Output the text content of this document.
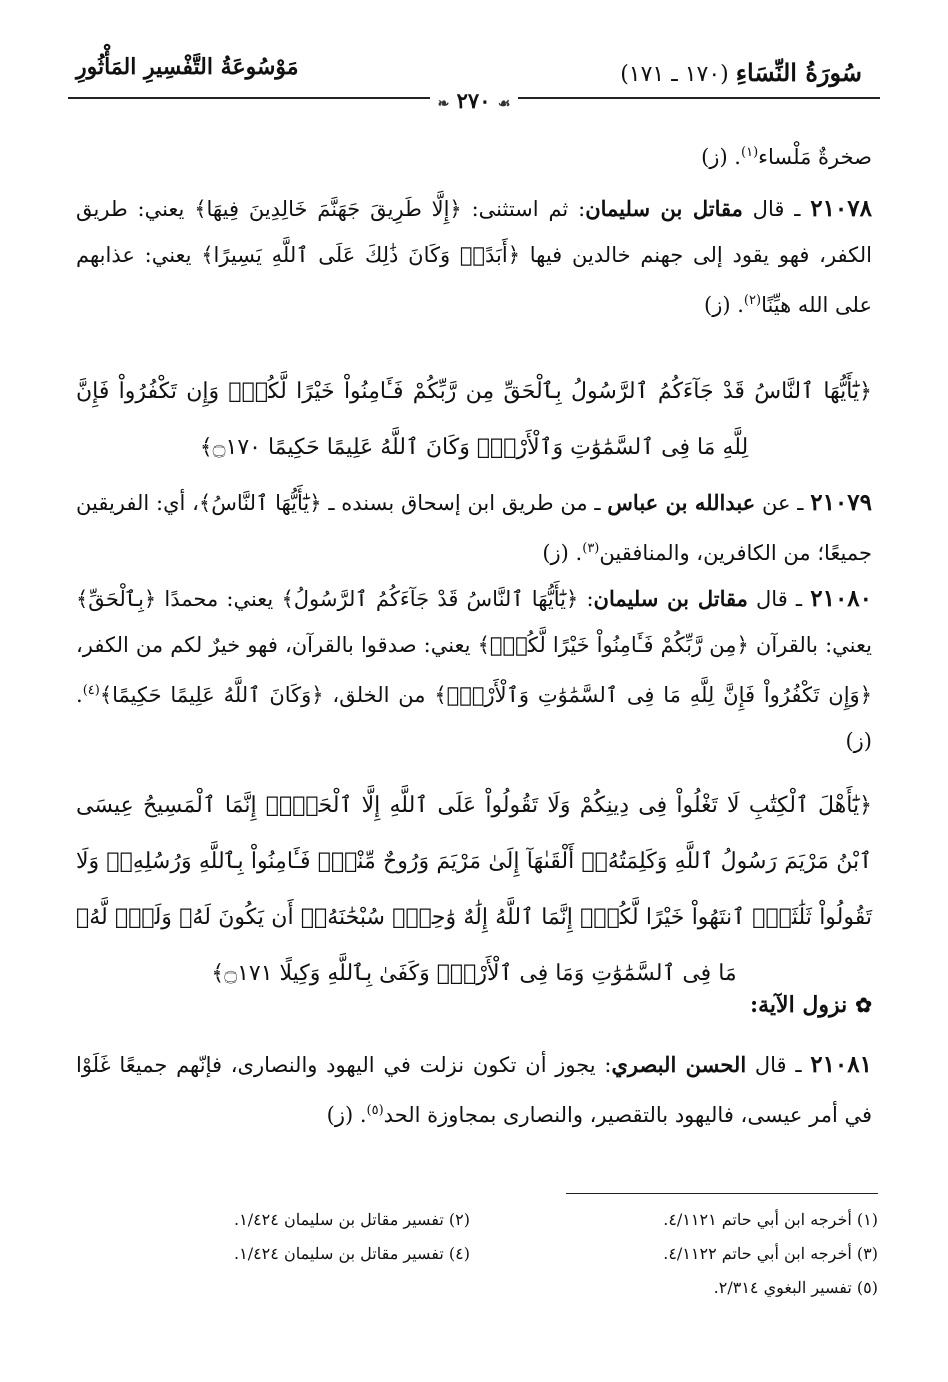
سُورَةُ النِّسَاءِ (١٧٠ ـ ١٧١)
مَوْسُوعَةُ التَّفْسِيرِ المَأْثُورِ
❧ ٢٧٠ ☙
صخرةٌ مَلْساء$^{(١)}$. (ز)
٢١٠٧٨ ـ قال مقاتل بن سليمان: ثم استثنى: ﴿إِلَّا طَرِيقَ جَهَنَّمَ خَالِدِينَ فِيهَا﴾ يعني: طريق الكفر، فهو يقود إلى جهنم خالدين فيها ﴿أَبَدًاۚ وَكَانَ ذَٰلِكَ عَلَى ٱللَّهِ يَسِيرًا﴾ يعني: عذابهم على الله هيِّنًا$^{(٢)}$. (ز)
﴿يَٰٓأَيُّهَا ٱلنَّاسُ قَدْ جَآءَكُمُ ٱلرَّسُولُ بِٱلْحَقِّ مِن رَّبِّكُمْ فَـَٔامِنُواْ خَيْرًا لَّكُمْۚ وَإِن تَكْفُرُواْ فَإِنَّ لِلَّهِ مَا فِى ٱلسَّمَٰوَٰتِ وَٱلْأَرْضِۚ وَكَانَ ٱللَّهُ عَلِيمًا حَكِيمًا ۝١٧٠﴾
٢١٠٧٩ ـ عن عبدالله بن عباس ـ من طريق ابن إسحاق بسنده ـ ﴿يَٰٓأَيُّهَا ٱلنَّاسُ﴾، أي: الفريقين جميعًا؛ من الكافرين، والمنافقين$^{(٣)}$. (ز)
٢١٠٨٠ ـ قال مقاتل بن سليمان: ﴿يَٰٓأَيُّهَا ٱلنَّاسُ قَدْ جَآءَكُمُ ٱلرَّسُولُ﴾ يعني: محمدًا ﴿بِٱلْحَقِّ﴾ يعني: بالقرآن ﴿مِن رَّبِّكُمْ فَـَٔامِنُواْ خَيْرًا لَّكُمْۚ﴾ يعني: صدقوا بالقرآن، فهو خيرٌ لكم من الكفر، ﴿وَإِن تَكْفُرُواْ فَإِنَّ لِلَّهِ مَا فِى ٱلسَّمَٰوَٰتِ وَٱلْأَرْضِۚ﴾ من الخلق، ﴿وَكَانَ ٱللَّهُ عَلِيمًا حَكِيمًا﴾$^{(٤)}$. (ز)
﴿يَٰٓأَهْلَ ٱلْكِتَٰبِ لَا تَغْلُواْ فِى دِينِكُمْ وَلَا تَقُولُواْ عَلَى ٱللَّهِ إِلَّا ٱلْحَقَّۚ إِنَّمَا ٱلْمَسِيحُ عِيسَى ٱبْنُ مَرْيَمَ رَسُولُ ٱللَّهِ وَكَلِمَتُهُۥٓ أَلْقَىٰهَآ إِلَىٰ مَرْيَمَ وَرُوحٌ مِّنْهُۖ فَـَٔامِنُواْ بِٱللَّهِ وَرُسُلِهِۦۖ وَلَا تَقُولُواْ ثَلَٰثَةٌۚ ٱنتَهُواْ خَيْرًا لَّكُمْۚ إِنَّمَا ٱللَّهُ إِلَٰهٌ وَٰحِدٌۖ سُبْحَٰنَهُۥٓ أَن يَكُونَ لَهُۥ وَلَدٌۘ لَّهُۥ مَا فِى ٱلسَّمَٰوَٰتِ وَمَا فِى ٱلْأَرْضِۗ وَكَفَىٰ بِٱللَّهِ وَكِيلًا ۝١٧١﴾
✿نزول الآية:
٢١٠٨١ ـ قال الحسن البصري: يجوز أن تكون نزلت في اليهود والنصارى، فإنّهم جميعًا غَلَوْا في أمر عيسى، فاليهود بالتقصير، والنصارى بمجاوزة الحد$^{(٥)}$. (ز)
(١) أخرجه ابن أبي حاتم ٤/١١٢١.
(٢) تفسير مقاتل بن سليمان ١/٤٢٤.
(٣) أخرجه ابن أبي حاتم ٤/١١٢٢.
(٤) تفسير مقاتل بن سليمان ١/٤٢٤.
(٥) تفسير البغوي ٢/٣١٤.
